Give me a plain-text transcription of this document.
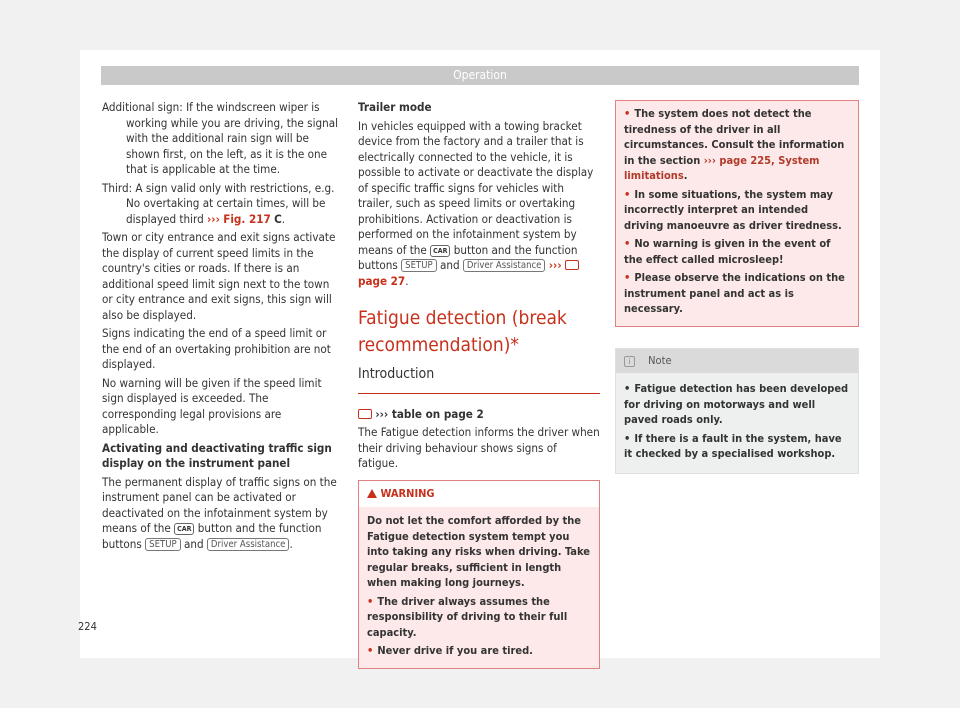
Operation

Additional sign: If the windscreen wiper is working while you are driving, the signal with the additional rain sign will be shown first, on the left, as it is the one that is applicable at the time.

Third: A sign valid only with restrictions, e.g. No overtaking at certain times, will be displayed third ››› Fig. 217 C.

Town or city entrance and exit signs activate the display of current speed limits in the country's cities or roads. If there is an additional speed limit sign next to the town or city entrance and exit signs, this sign will also be displayed.

Signs indicating the end of a speed limit or the end of an overtaking prohibition are not displayed.

No warning will be given if the speed limit sign displayed is exceeded. The corresponding legal provisions are applicable.

Activating and deactivating traffic sign display on the instrument panel

The permanent display of traffic signs on the instrument panel can be activated or deactivated on the infotainment system by means of the CAR button and the function buttons SETUP and Driver Assistance .

Trailer mode

In vehicles equipped with a towing bracket device from the factory and a trailer that is electrically connected to the vehicle, it is possible to activate or deactivate the display of specific traffic signs for vehicles with trailer, such as speed limits or overtaking prohibitions. Activation or deactivation is performed on the infotainment system by means of the CAR button and the function buttons SETUP and Driver Assistance ›››  page 27.

Fatigue detection (break recommendation)*
Introduction

››› table on page 2

The Fatigue detection informs the driver when their driving behaviour shows signs of fatigue.

WARNING

Do not let the comfort afforded by the Fatigue detection system tempt you into taking any risks when driving. Take regular breaks, sufficient in length when making long journeys.

• The driver always assumes the responsibility of driving to their full capacity.

• Never drive if you are tired.

• The system does not detect the tiredness of the driver in all circumstances. Consult the information in the section ››› page 225, System limitations.

• In some situations, the system may incorrectly interpret an intended driving manoeuvre as driver tiredness.

• No warning is given in the event of the effect called microsleep!

• Please observe the indications on the instrument panel and act as is necessary.

i Note

• Fatigue detection has been developed for driving on motorways and well paved roads only.

• If there is a fault in the system, have it checked by a specialised workshop.

224
